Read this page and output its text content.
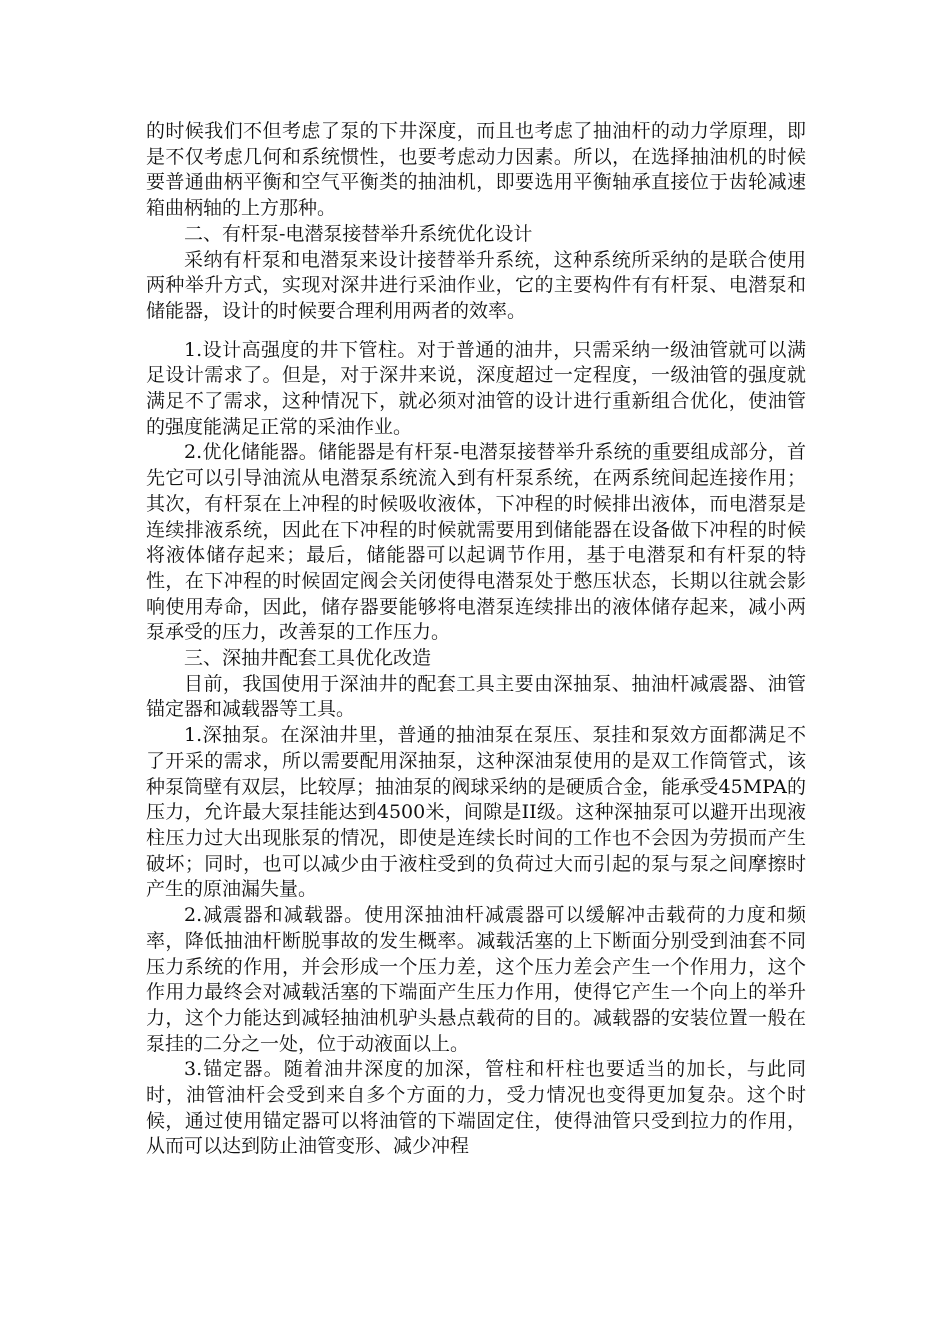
的时候我们不但考虑了泵的下井深度，而且也考虑了抽油杆的动力学原理，即是不仅考虑几何和系统惯性，也要考虑动力因素。所以，在选择抽油机的时候要普通曲柄平衡和空气平衡类的抽油机，即要选用平衡轴承直接位于齿轮减速箱曲柄轴的上方那种。

二、有杆泵-电潜泵接替举升系统优化设计

采纳有杆泵和电潜泵来设计接替举升系统，这种系统所采纳的是联合使用两种举升方式，实现对深井进行采油作业，它的主要构件有有杆泵、电潜泵和储能器，设计的时候要合理利用两者的效率。

1.设计高强度的井下管柱。对于普通的油井，只需采纳一级油管就可以满足设计需求了。但是，对于深井来说，深度超过一定程度，一级油管的强度就满足不了需求，这种情况下，就必须对油管的设计进行重新组合优化，使油管的强度能满足正常的采油作业。

2.优化储能器。储能器是有杆泵-电潜泵接替举升系统的重要组成部分，首先它可以引导油流从电潜泵系统流入到有杆泵系统，在两系统间起连接作用；其次，有杆泵在上冲程的时候吸收液体，下冲程的时候排出液体，而电潜泵是连续排液系统，因此在下冲程的时候就需要用到储能器在设备做下冲程的时候将液体储存起来；最后，储能器可以起调节作用，基于电潜泵和有杆泵的特性，在下冲程的时候固定阀会关闭使得电潜泵处于憋压状态，长期以往就会影响使用寿命，因此，储存器要能够将电潜泵连续排出的液体储存起来，减小两泵承受的压力，改善泵的工作压力。

三、深抽井配套工具优化改造

目前，我国使用于深油井的配套工具主要由深抽泵、抽油杆减震器、油管锚定器和减载器等工具。

1.深抽泵。在深油井里，普通的抽油泵在泵压、泵挂和泵效方面都满足不了开采的需求，所以需要配用深抽泵，这种深油泵使用的是双工作筒管式，该种泵筒壁有双层，比较厚；抽油泵的阀球采纳的是硬质合金，能承受45MPA的压力，允许最大泵挂能达到4500米，间隙是II级。这种深抽泵可以避开出现液柱压力过大出现胀泵的情况，即使是连续长时间的工作也不会因为劳损而产生破坏；同时，也可以减少由于液柱受到的负荷过大而引起的泵与泵之间摩擦时产生的原油漏失量。

2.减震器和减载器。使用深抽油杆减震器可以缓解冲击载荷的力度和频率，降低抽油杆断脱事故的发生概率。减载活塞的上下断面分别受到油套不同压力系统的作用，并会形成一个压力差，这个压力差会产生一个作用力，这个作用力最终会对减载活塞的下端面产生压力作用，使得它产生一个向上的举升力，这个力能达到减轻抽油机驴头悬点载荷的目的。减载器的安装位置一般在泵挂的二分之一处，位于动液面以上。

3.锚定器。随着油井深度的加深，管柱和杆柱也要适当的加长，与此同时，油管油杆会受到来自多个方面的力，受力情况也变得更加复杂。这个时候，通过使用锚定器可以将油管的下端固定住，使得油管只受到拉力的作用，从而可以达到防止油管变形、减少冲程
